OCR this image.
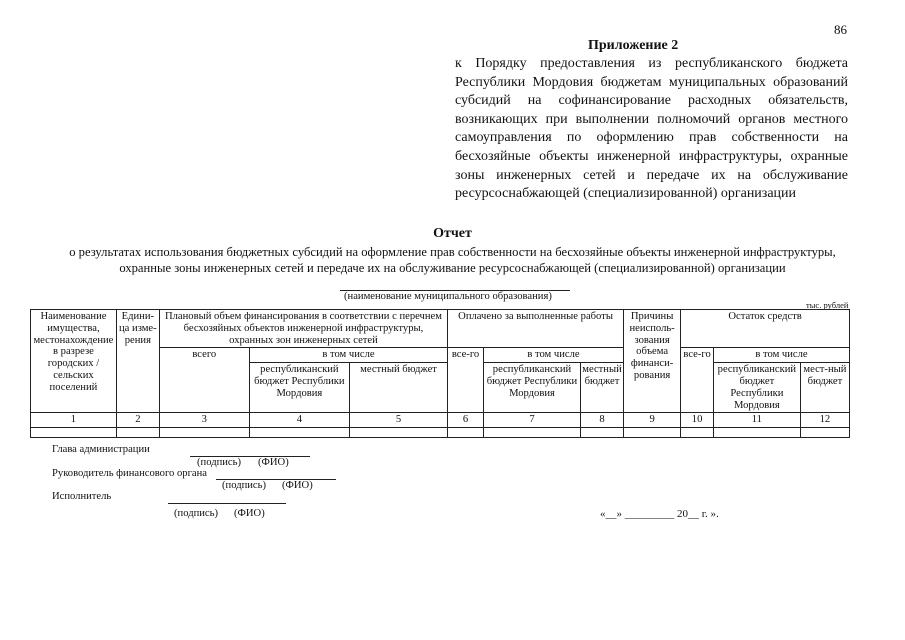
86
Приложение 2
к Порядку предоставления из республиканского бюджета Республики Мордовия бюджетам муниципальных образований субсидий на софинансирование расходных обязательств, возникающих при выполнении полномочий органов местного самоуправления по оформлению прав собственности на бесхозяйные объекты инженерной инфраструктуры, охранные зоны инженерных сетей и передаче их на обслуживание ресурсоснабжающей (специализированной) организации
Отчет
о результатах использования бюджетных субсидий на оформление прав собственности на бесхозяйные объекты инженерной инфраструктуры,
охранные зоны инженерных сетей и передаче их на обслуживание ресурсоснабжающей (специализированной) организации
(наименование муниципального образования)
тыс. рублей
Наименование имущества, местонахождение в разрезе городских / сельских поселений	Едини-ца изме-рения	Плановый объем финансирования в соответствии с перечнем бесхозяйных объектов инженерной инфраструктуры, охранных зон инженерных сетей			Оплачено за выполненные работы			Причины неисполь-зования объема финанси-рования	Остаток средств		
		всего	в том числе		все-го	в том числе			все-го	в том числе	
			республиканский бюджет Республики Мордовия	местный бюджет		республиканский бюджет Республики Мордовия	местный бюджет			республиканский бюджет Республики Мордовия	мест-ный бюджет
1	2	3	4	5	6	7	8	9	10	11	12

Глава администрации
(подпись) (ФИО)
Руководитель финансового органа
(подпись) (ФИО)
Исполнитель
(подпись) (ФИО)	«__» _________ 20__ г. ».
